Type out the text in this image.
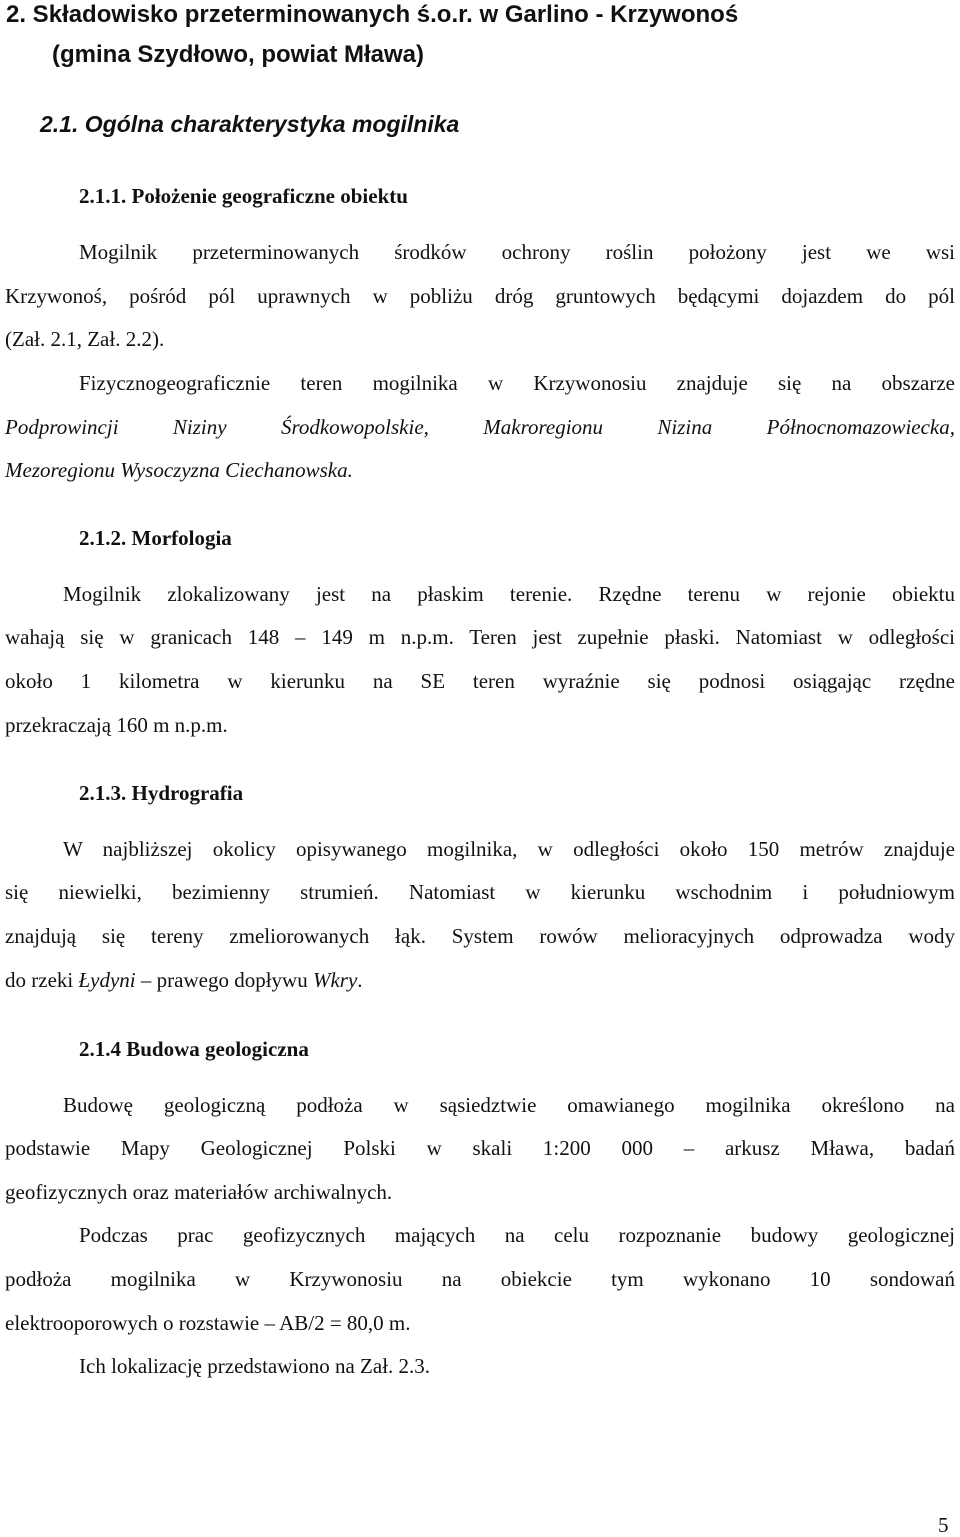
2. Składowisko przeterminowanych ś.o.r. w Garlino - Krzywonoś
(gmina Szydłowo, powiat Mława)
2.1. Ogólna charakterystyka mogilnika
2.1.1. Położenie geograficzne obiektu
Mogilnik przeterminowanych środków ochrony roślin położony jest we wsi
Krzywonoś, pośród pól uprawnych w pobliżu dróg gruntowych będącymi dojazdem do pól
(Zał. 2.1, Zał. 2.2).
Fizycznogeograficznie teren mogilnika w Krzywonosiu znajduje się na obszarze
Podprowincji Niziny Środkowopolskie, Makroregionu Nizina Północnomazowiecka,
Mezoregionu Wysoczyzna Ciechanowska.
2.1.2. Morfologia
Mogilnik zlokalizowany jest na płaskim terenie. Rzędne terenu w rejonie obiektu
wahają się w granicach 148 – 149 m n.p.m. Teren jest zupełnie płaski. Natomiast w odległości
około 1 kilometra w kierunku na SE teren wyraźnie się podnosi osiągając rzędne
przekraczają 160 m n.p.m.
2.1.3. Hydrografia
W najbliższej okolicy opisywanego mogilnika, w odległości około 150 metrów znajduje
się niewielki, bezimienny strumień. Natomiast w kierunku wschodnim i południowym
znajdują się tereny zmeliorowanych łąk. System rowów melioracyjnych odprowadza wody
do rzeki Łydyni – prawego dopływu Wkry.
2.1.4 Budowa geologiczna
Budowę geologiczną podłoża w sąsiedztwie omawianego mogilnika określono na
podstawie Mapy Geologicznej Polski w skali 1:200 000 – arkusz Mława, badań
geofizycznych oraz materiałów archiwalnych.
Podczas prac geofizycznych mających na celu rozpoznanie budowy geologicznej
podłoża mogilnika w Krzywonosiu na obiekcie tym wykonano 10 sondowań
elektrooporowych o rozstawie – AB/2 = 80,0 m.
Ich lokalizację przedstawiono na Zał. 2.3.
5
